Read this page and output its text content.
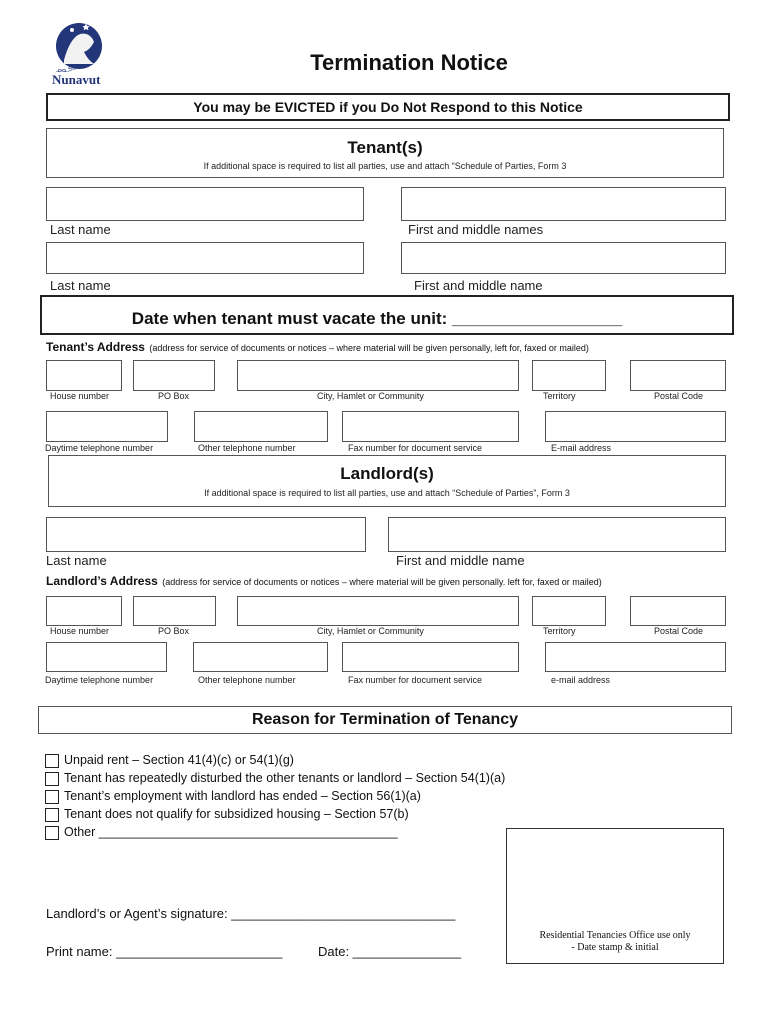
ᓄᓇᕗᑦ
Nunavut
Termination Notice
You may be EVICTED if you Do Not Respond to this Notice
Tenant(s)
If additional space is required to list all parties, use and attach “Schedule of Parties, Form 3
Last name	First and middle names
Last name	First and middle name
Date when tenant must vacate the unit: __________________
Tenant’s Address (address for service of documents or notices – where material will be given personally, left for, faxed or mailed)
House number	PO Box	City, Hamlet or Community	Territory	Postal Code
Daytime telephone number	Other telephone number	Fax number for document service	E-mail address
Landlord(s)
If additional space is required to list all parties, use and attach “Schedule of Parties”, Form 3
Last name	First and middle name
Landlord’s Address (address for service of documents or notices – where material will be given personally. left for, faxed or mailed)
House number	PO Box	City, Hamlet or Community	Territory	Postal Code
Daytime telephone number	Other telephone number	Fax number for document service	e-mail address
Reason for Termination of Tenancy
Unpaid rent – Section 41(4)(c) or 54(1)(g)
Tenant has repeatedly disturbed the other tenants or landlord – Section 54(1)(a)
Tenant’s employment with landlord has ended – Section 56(1)(a)
Tenant does not qualify for subsidized housing – Section 57(b)
Other ___________________________________________
Residential Tenancies Office use only
- Date stamp & initial
Landlord’s or Agent’s signature: _______________________________
Print name: _______________________	Date: _______________
